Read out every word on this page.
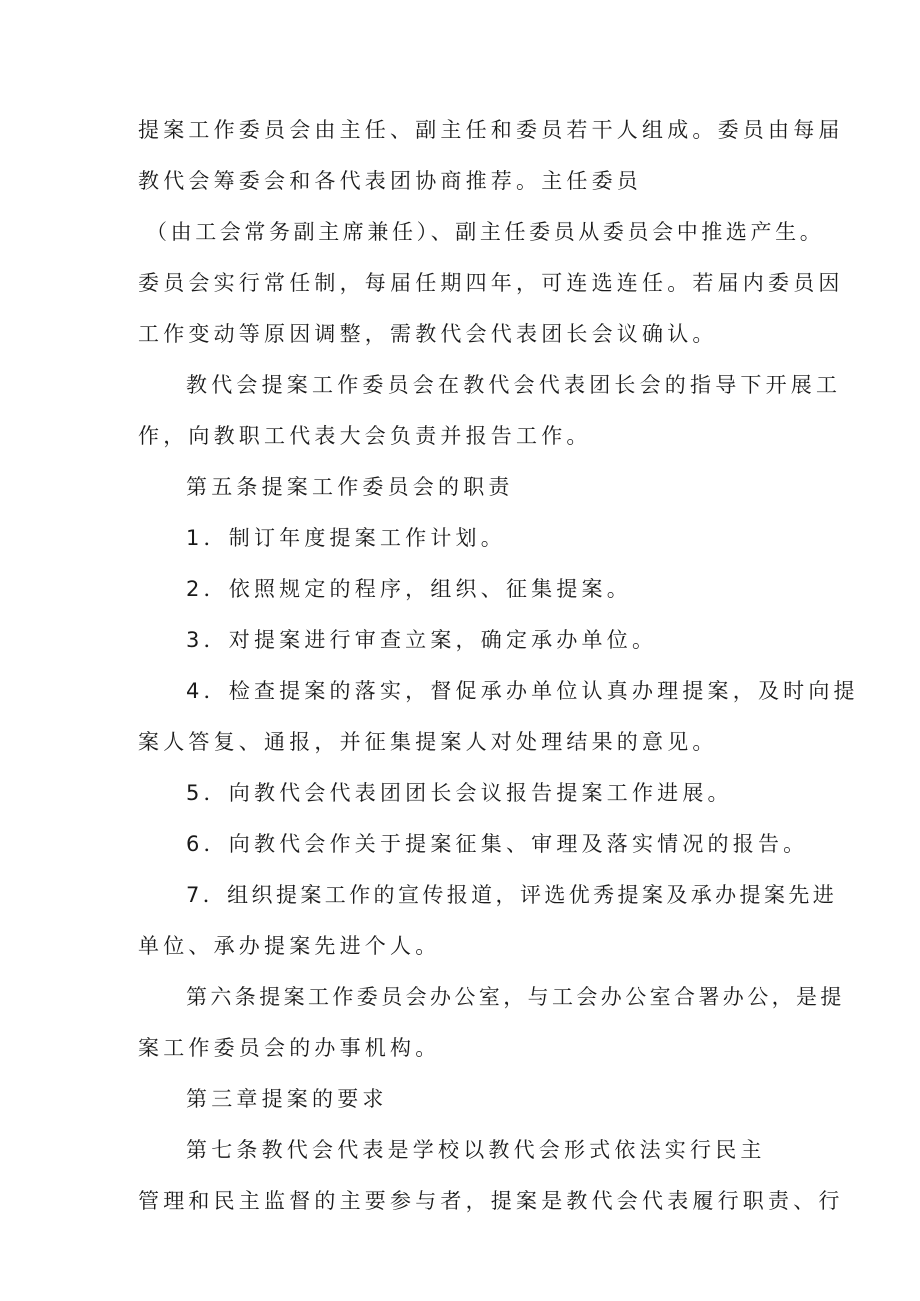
提案工作委员会由主任、副主任和委员若干人组成。委员由每届
教代会筹委会和各代表团协商推荐。主任委员
（由工会常务副主席兼任）、副主任委员从委员会中推选产生。
委员会实行常任制，每届任期四年，可连选连任。若届内委员因
工作变动等原因调整，需教代会代表团长会议确认。
教代会提案工作委员会在教代会代表团长会的指导下开展工
作，向教职工代表大会负责并报告工作。
第五条提案工作委员会的职责
1．制订年度提案工作计划。
2．依照规定的程序，组织、征集提案。
3．对提案进行审查立案，确定承办单位。
4．检查提案的落实，督促承办单位认真办理提案，及时向提
案人答复、通报，并征集提案人对处理结果的意见。
5．向教代会代表团团长会议报告提案工作进展。
6．向教代会作关于提案征集、审理及落实情况的报告。
7．组织提案工作的宣传报道，评选优秀提案及承办提案先进
单位、承办提案先进个人。
第六条提案工作委员会办公室，与工会办公室合署办公，是提
案工作委员会的办事机构。
第三章提案的要求
第七条教代会代表是学校以教代会形式依法实行民主
管理和民主监督的主要参与者，提案是教代会代表履行职责、行
